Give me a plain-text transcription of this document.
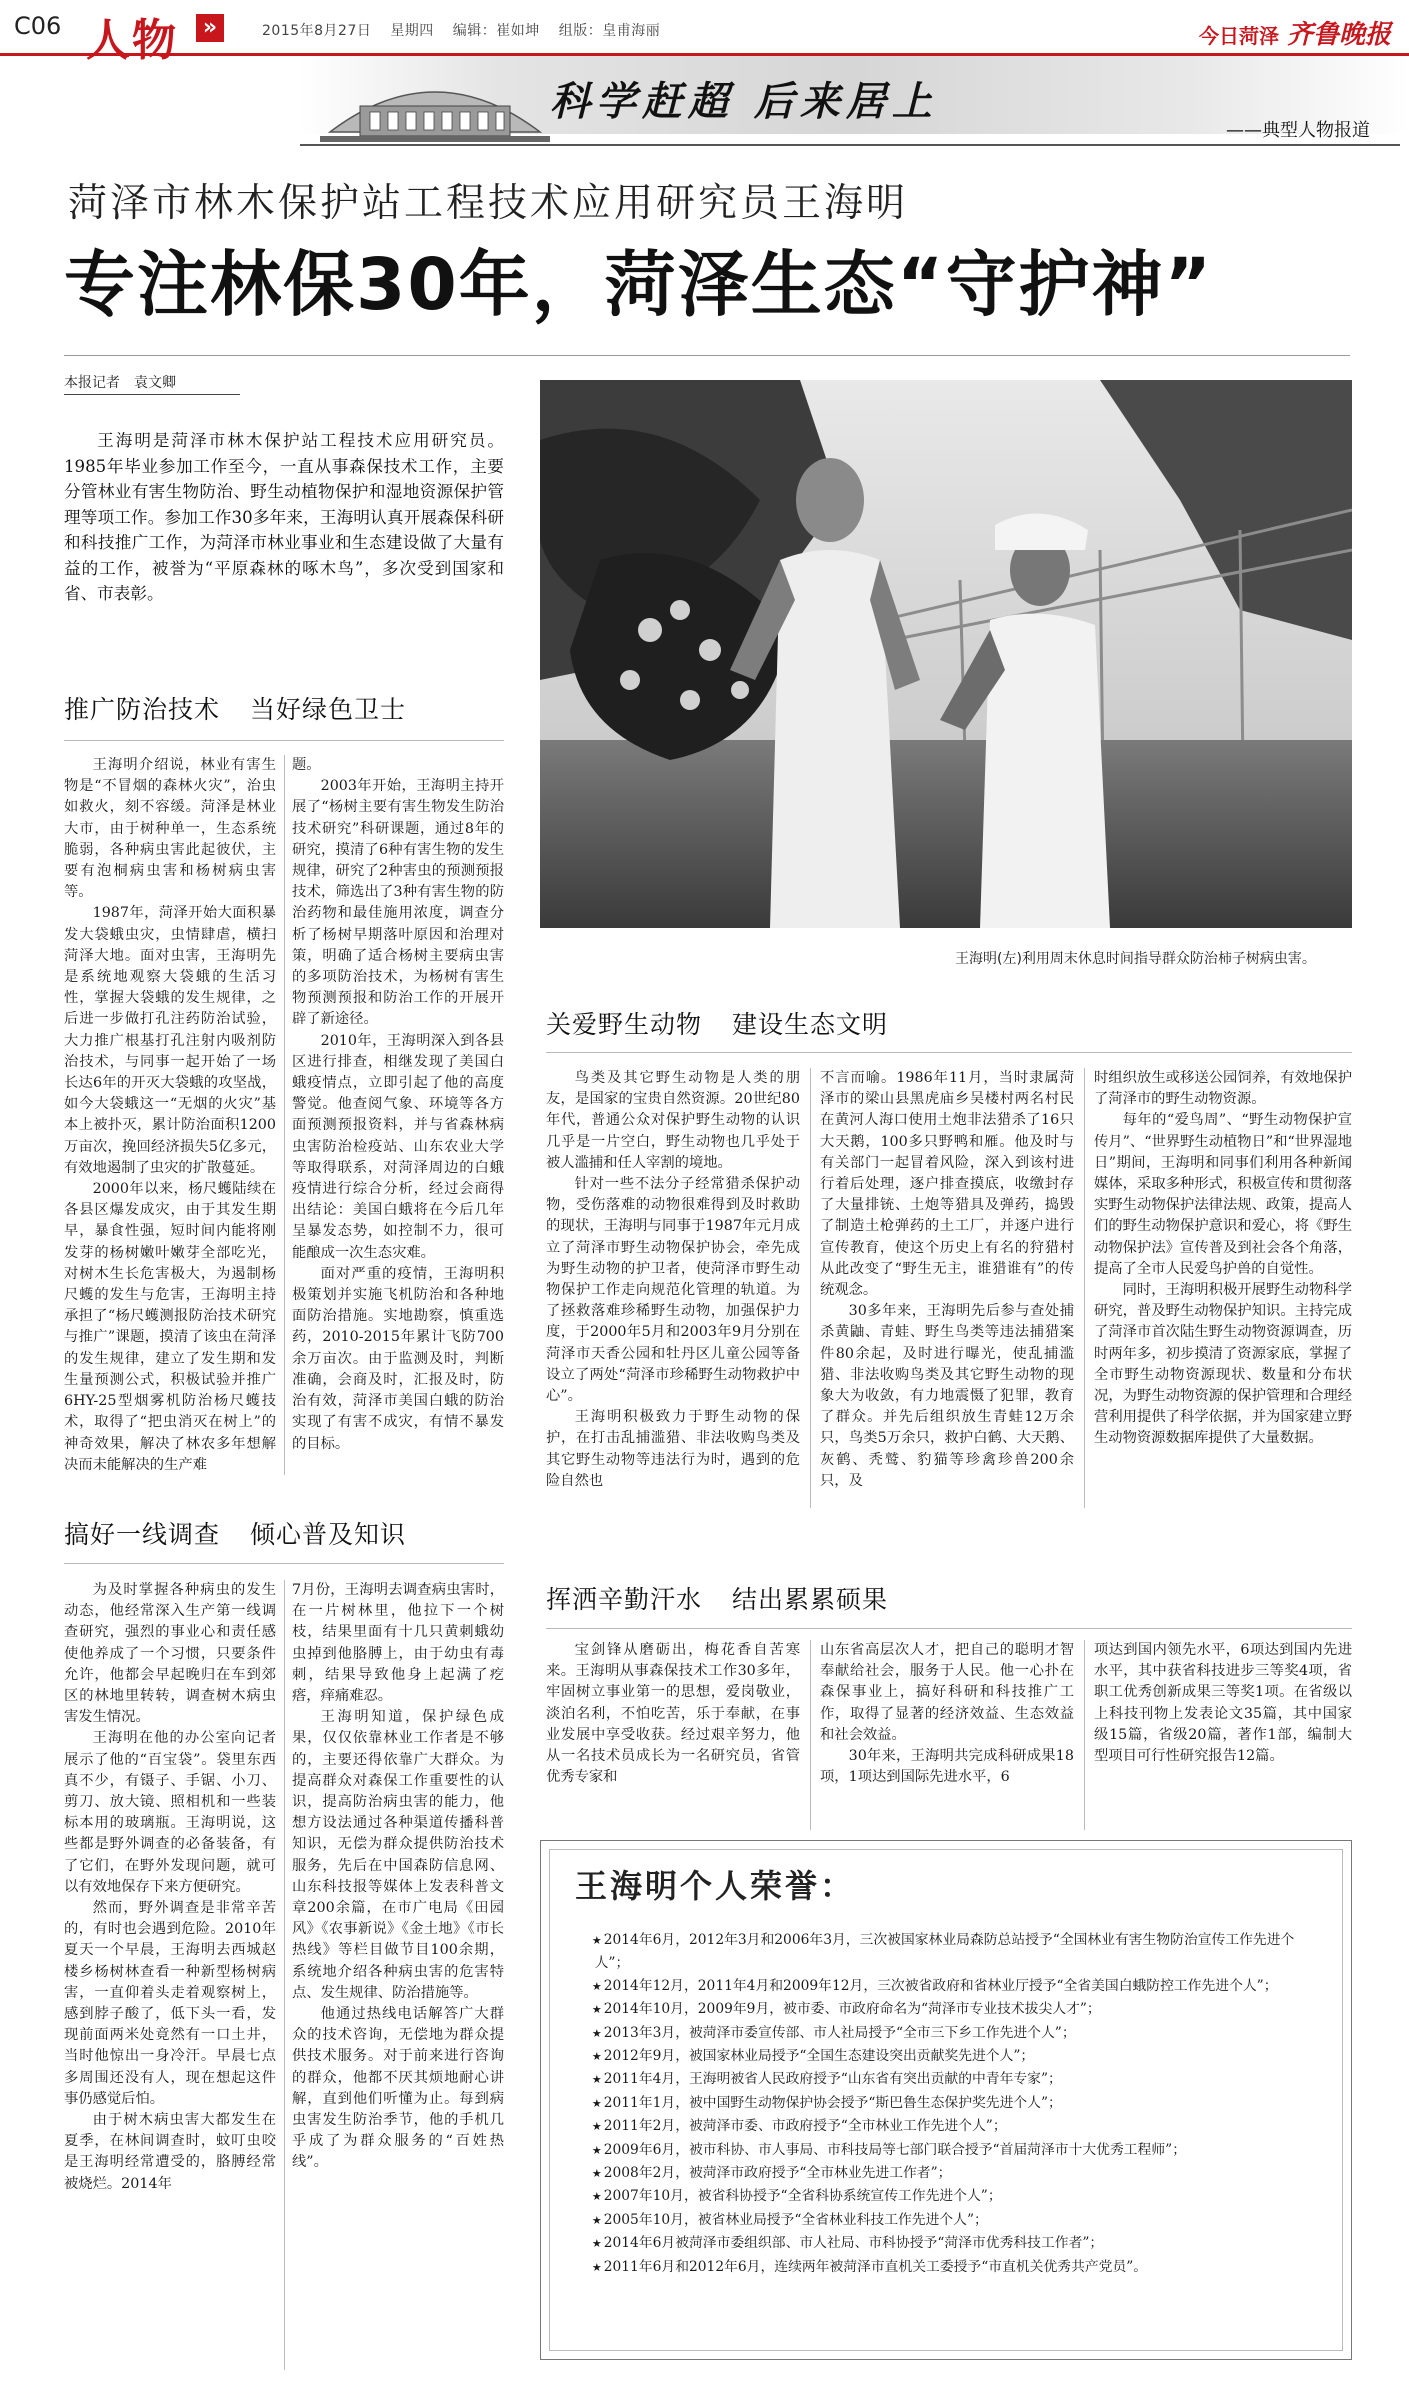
C06 人物	»	2015年8月27日 星期四 编辑：崔如坤 组版：皇甫海丽	今日菏泽 齐鲁晚报
科学赶超 后来居上
——典型人物报道
菏泽市林木保护站工程技术应用研究员王海明
专注林保30年，菏泽生态“守护神”
本报记者　袁文卿

王海明是菏泽市林木保护站工程技术应用研究员。1985年毕业参加工作至今，一直从事森保技术工作，主要分管林业有害生物防治、野生动植物保护和湿地资源保护管理等项工作。参加工作30多年来，王海明认真开展森保科研和科技推广工作，为菏泽市林业事业和生态建设做了大量有益的工作，被誉为“平原森林的啄木鸟”，多次受到国家和省、市表彰。

王海明(左)利用周末休息时间指导群众防治柿子树病虫害。
推广防治技术 当好绿色卫士

王海明介绍说，林业有害生物是“不冒烟的森林火灾”，治虫如救火，刻不容缓。菏泽是林业大市，由于树种单一，生态系统脆弱，各种病虫害此起彼伏，主要有泡桐病虫害和杨树病虫害等。

1987年，菏泽开始大面积暴发大袋蛾虫灾，虫情肆虐，横扫菏泽大地。面对虫害，王海明先是系统地观察大袋蛾的生活习性，掌握大袋蛾的发生规律，之后进一步做打孔注药防治试验，大力推广根基打孔注射内吸剂防治技术，与同事一起开始了一场长达6年的开灭大袋蛾的攻坚战，如今大袋蛾这一“无烟的火灾”基本上被扑灭，累计防治面积1200万亩次，挽回经济损失5亿多元，有效地遏制了虫灾的扩散蔓延。

2000年以来，杨尺蠖陆续在各县区爆发成灾，由于其发生期早，暴食性强，短时间内能将刚发芽的杨树嫩叶嫩芽全部吃光，对树木生长危害极大，为遏制杨尺蠖的发生与危害，王海明主持承担了“杨尺蠖测报防治技术研究与推广”课题，摸清了该虫在菏泽的发生规律，建立了发生期和发生量预测公式，积极试验并推广6HY-25型烟雾机防治杨尺蠖技术，取得了“把虫消灭在树上”的神奇效果，解决了林农多年想解决而未能解决的生产难

题。

2003年开始，王海明主持开展了“杨树主要有害生物发生防治技术研究”科研课题，通过8年的研究，摸清了6种有害生物的发生规律，研究了2种害虫的预测预报技术，筛选出了3种有害生物的防治药物和最佳施用浓度，调查分析了杨树早期落叶原因和治理对策，明确了适合杨树主要病虫害的多项防治技术，为杨树有害生物预测预报和防治工作的开展开辟了新途径。

2010年，王海明深入到各县区进行排查，相继发现了美国白蛾疫情点，立即引起了他的高度警觉。他查阅气象、环境等各方面预测预报资料，并与省森林病虫害防治检疫站、山东农业大学等取得联系，对菏泽周边的白蛾疫情进行综合分析，经过会商得出结论：美国白蛾将在今后几年呈暴发态势，如控制不力，很可能酿成一次生态灾难。

面对严重的疫情，王海明积极策划并实施飞机防治和各种地面防治措施。实地勘察，慎重选药，2010-2015年累计飞防700余万亩次。由于监测及时，判断准确，会商及时，汇报及时，防治有效，菏泽市美国白蛾的防治实现了有害不成灾，有情不暴发的目标。

搞好一线调查 倾心普及知识

为及时掌握各种病虫的发生动态，他经常深入生产第一线调查研究，强烈的事业心和责任感使他养成了一个习惯，只要条件允许，他都会早起晚归在车到郊区的林地里转转，调查树木病虫害发生情况。

王海明在他的办公室向记者展示了他的“百宝袋”。袋里东西真不少，有镊子、手锯、小刀、剪刀、放大镜、照相机和一些装标本用的玻璃瓶。王海明说，这些都是野外调查的必备装备，有了它们，在野外发现问题，就可以有效地保存下来方便研究。

然而，野外调查是非常辛苦的，有时也会遇到危险。2010年夏天一个早晨，王海明去西城赵楼乡杨树林查看一种新型杨树病害，一直仰着头走着观察树上，感到脖子酸了，低下头一看，发现前面两米处竟然有一口土井，当时他惊出一身冷汗。早晨七点多周围还没有人，现在想起这件事仍感觉后怕。

由于树木病虫害大都发生在夏季，在林间调查时，蚊叮虫咬是王海明经常遭受的，胳膊经常被烧烂。2014年

7月份，王海明去调查病虫害时，在一片树林里，他拉下一个树枝，结果里面有十几只黄刺蛾幼虫掉到他胳膊上，由于幼虫有毒刺，结果导致他身上起满了疙瘩，痒痛难忍。

王海明知道，保护绿色成果，仅仅依靠林业工作者是不够的，主要还得依靠广大群众。为提高群众对森保工作重要性的认识，提高防治病虫害的能力，他想方设法通过各种渠道传播科普知识，无偿为群众提供防治技术服务，先后在中国森防信息网、山东科技报等媒体上发表科普文章200余篇，在市广电局《田园风》《农事新说》《金土地》《市长热线》等栏目做节目100余期，系统地介绍各种病虫害的危害特点、发生规律、防治措施等。

他通过热线电话解答广大群众的技术咨询，无偿地为群众提供技术服务。对于前来进行咨询的群众，他都不厌其烦地耐心讲解，直到他们听懂为止。每到病虫害发生防治季节，他的手机几乎成了为群众服务的“百姓热线”。

关爱野生动物 建设生态文明

鸟类及其它野生动物是人类的朋友，是国家的宝贵自然资源。20世纪80年代，普通公众对保护野生动物的认识几乎是一片空白，野生动物也几乎处于被人滥捕和任人宰割的境地。

针对一些不法分子经常猎杀保护动物，受伤落难的动物很难得到及时救助的现状，王海明与同事于1987年元月成立了菏泽市野生动物保护协会，牵先成为野生动物的护卫者，使菏泽市野生动物保护工作走向规范化管理的轨道。为了拯救落难珍稀野生动物，加强保护力度，于2000年5月和2003年9月分别在菏泽市天香公园和牡丹区儿童公园等备设立了两处“菏泽市珍稀野生动物救护中心”。

王海明积极致力于野生动物的保护，在打击乱捕滥猎、非法收购鸟类及其它野生动物等违法行为时，遇到的危险自然也

不言而喻。1986年11月，当时隶属菏泽市的梁山县黑虎庙乡吴楼村两名村民在黄河人海口使用土炮非法猎杀了16只大天鹅，100多只野鸭和雁。他及时与有关部门一起冒着风险，深入到该村进行着后处理，逐户排查摸底，收缴封存了大量排铳、土炮等猎具及弹药，捣毁了制造土枪弹药的土工厂，并逐户进行宣传教育，使这个历史上有名的狩猎村从此改变了“野生无主，谁猎谁有”的传统观念。

30多年来，王海明先后参与查处捕杀黄鼬、青蛙、野生鸟类等违法捕猎案件80余起，及时进行曝光，使乱捕滥猎、非法收购鸟类及其它野生动物的现象大为收敛，有力地震慑了犯罪，教育了群众。并先后组织放生青蛙12万余只，鸟类5万余只，救护白鹤、大天鹅、灰鹤、秃鹫、豹猫等珍禽珍兽200余只，及

时组织放生或移送公园饲养，有效地保护了菏泽市的野生动物资源。

每年的“爱鸟周”、“野生动物保护宣传月”、“世界野生动植物日”和“世界湿地日”期间，王海明和同事们利用各种新闻媒体，采取多种形式，积极宣传和贯彻落实野生动物保护法律法规、政策，提高人们的野生动物保护意识和爱心，将《野生动物保护法》宣传普及到社会各个角落，提高了全市人民爱鸟护兽的自觉性。

同时，王海明积极开展野生动物科学研究，普及野生动物保护知识。主持完成了菏泽市首次陆生野生动物资源调查，历时两年多，初步摸清了资源家底，掌握了全市野生动物资源现状、数量和分布状况，为野生动物资源的保护管理和合理经营利用提供了科学依据，并为国家建立野生动物资源数据库提供了大量数据。

挥洒辛勤汗水 结出累累硕果

宝剑锋从磨砺出，梅花香自苦寒来。王海明从事森保技术工作30多年，牢固树立事业第一的思想，爱岗敬业，淡泊名利，不怕吃苦，乐于奉献，在事业发展中享受收获。经过艰辛努力，他从一名技术员成长为一名研究员，省管优秀专家和

山东省高层次人才，把自己的聪明才智奉献给社会，服务于人民。他一心扑在森保事业上，搞好科研和科技推广工作，取得了显著的经济效益、生态效益和社会效益。

30年来，王海明共完成科研成果18项，1项达到国际先进水平，6

项达到国内领先水平，6项达到国内先进水平，其中获省科技进步三等奖4项，省职工优秀创新成果三等奖1项。在省级以上科技刊物上发表论文35篇，其中国家级15篇，省级20篇，著作1部，编制大型项目可行性研究报告12篇。

王海明个人荣誉：
★ 2014年6月，2012年3月和2006年3月，三次被国家林业局森防总站授予“全国林业有害生物防治宣传工作先进个人”；
★ 2014年12月，2011年4月和2009年12月，三次被省政府和省林业厅授予“全省美国白蛾防控工作先进个人”；
★ 2014年10月，2009年9月，被市委、市政府命名为“菏泽市专业技术拔尖人才”；
★ 2013年3月，被菏泽市委宣传部、市人社局授予“全市三下乡工作先进个人”；
★ 2012年9月，被国家林业局授予“全国生态建设突出贡献奖先进个人”；
★ 2011年4月，王海明被省人民政府授予“山东省有突出贡献的中青年专家”；
★ 2011年1月，被中国野生动物保护协会授予“斯巴鲁生态保护奖先进个人”；
★ 2011年2月，被菏泽市委、市政府授予“全市林业工作先进个人”；
★ 2009年6月，被市科协、市人事局、市科技局等七部门联合授予“首届菏泽市十大优秀工程师”；
★ 2008年2月，被菏泽市政府授予“全市林业先进工作者”；
★ 2007年10月，被省科协授予“全省科协系统宣传工作先进个人”；
★ 2005年10月，被省林业局授予“全省林业科技工作先进个人”；
★ 2014年6月被菏泽市委组织部、市人社局、市科协授予“菏泽市优秀科技工作者”；
★ 2011年6月和2012年6月，连续两年被菏泽市直机关工委授予“市直机关优秀共产党员”。
